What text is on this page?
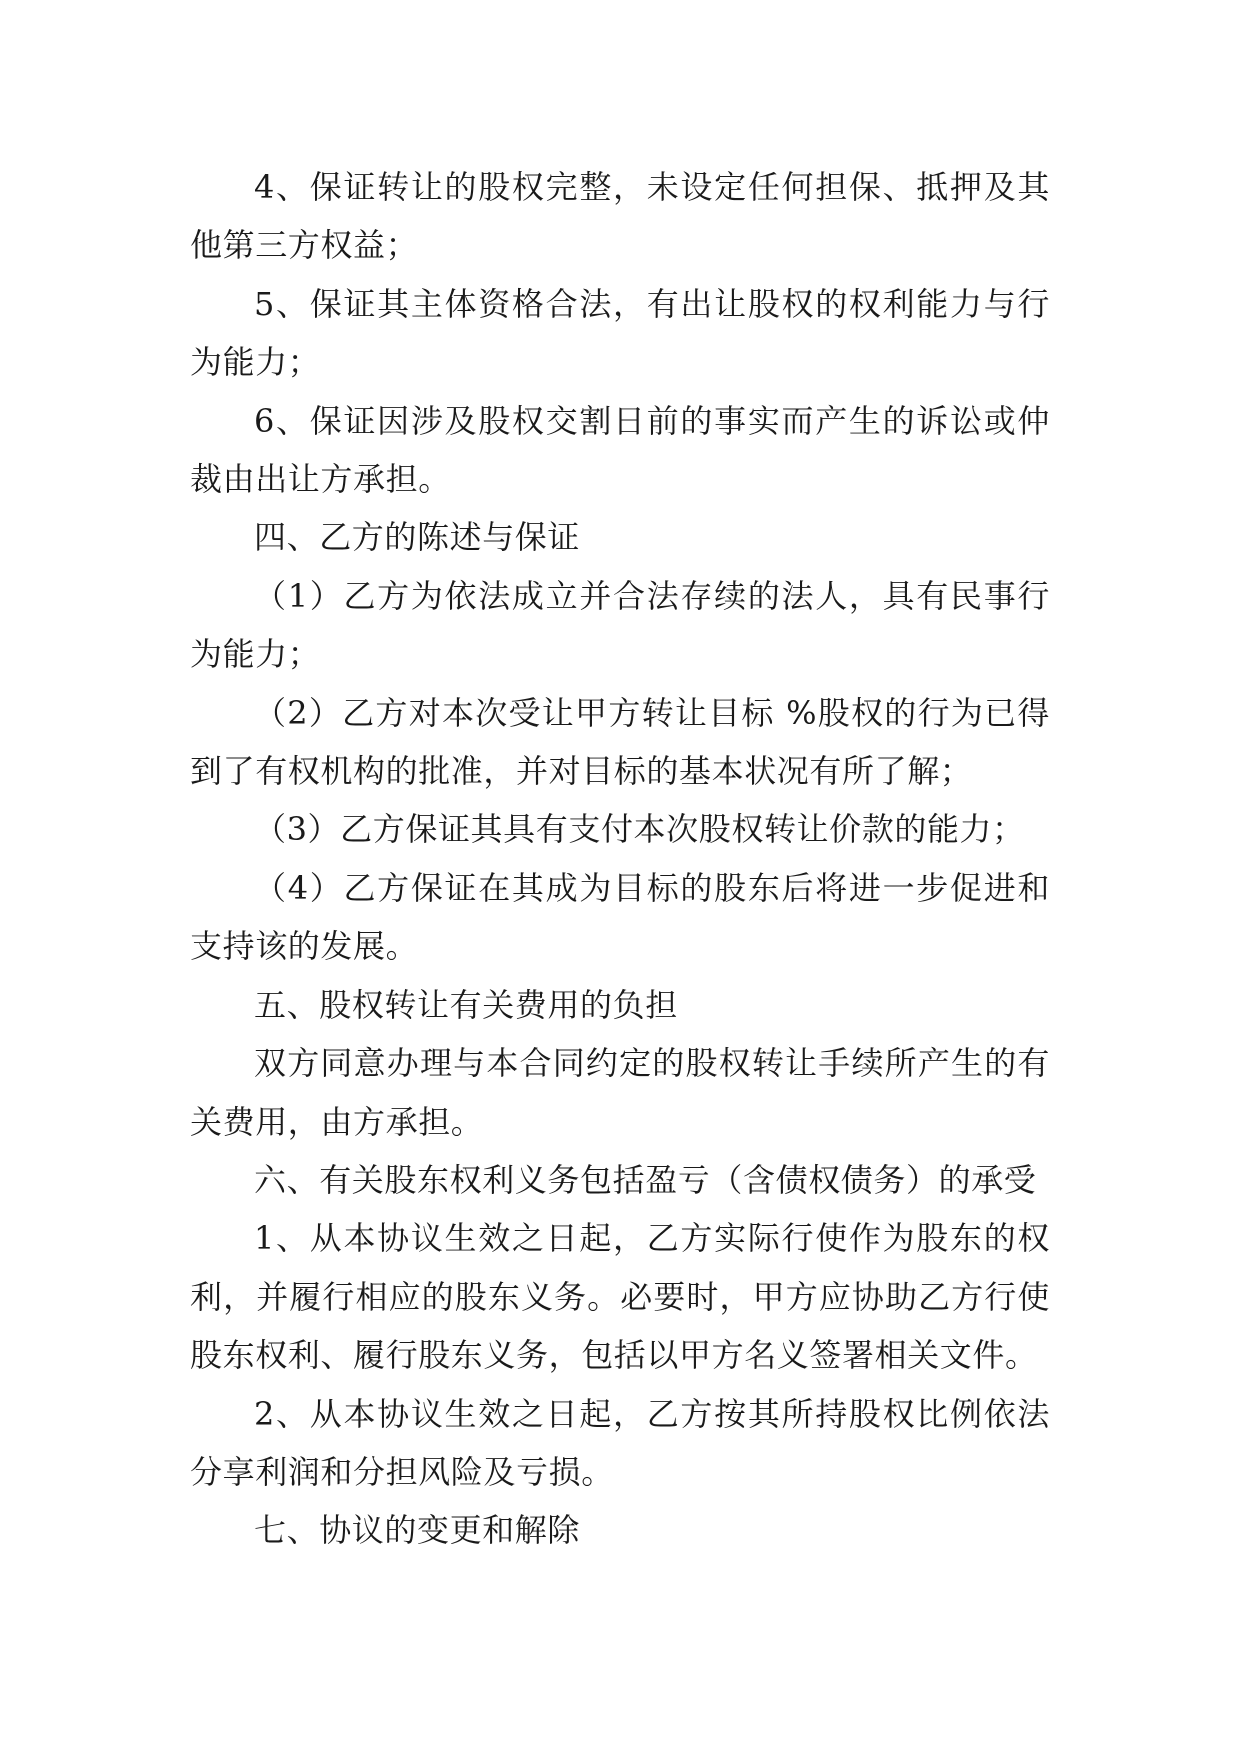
4、保证转让的股权完整，未设定任何担保、抵押及其他第三方权益；

5、保证其主体资格合法，有出让股权的权利能力与行为能力；

6、保证因涉及股权交割日前的事实而产生的诉讼或仲裁由出让方承担。

四、乙方的陈述与保证

（1）乙方为依法成立并合法存续的法人，具有民事行为能力；

（2）乙方对本次受让甲方转让目标 %股权的行为已得到了有权机构的批准，并对目标的基本状况有所了解；

（3）乙方保证其具有支付本次股权转让价款的能力；

（4）乙方保证在其成为目标的股东后将进一步促进和支持该的发展。

五、股权转让有关费用的负担

双方同意办理与本合同约定的股权转让手续所产生的有关费用，由方承担。

六、有关股东权利义务包括盈亏（含债权债务）的承受

1、从本协议生效之日起，乙方实际行使作为股东的权利，并履行相应的股东义务。必要时，甲方应协助乙方行使股东权利、履行股东义务，包括以甲方名义签署相关文件。

2、从本协议生效之日起，乙方按其所持股权比例依法分享利润和分担风险及亏损。

七、协议的变更和解除
